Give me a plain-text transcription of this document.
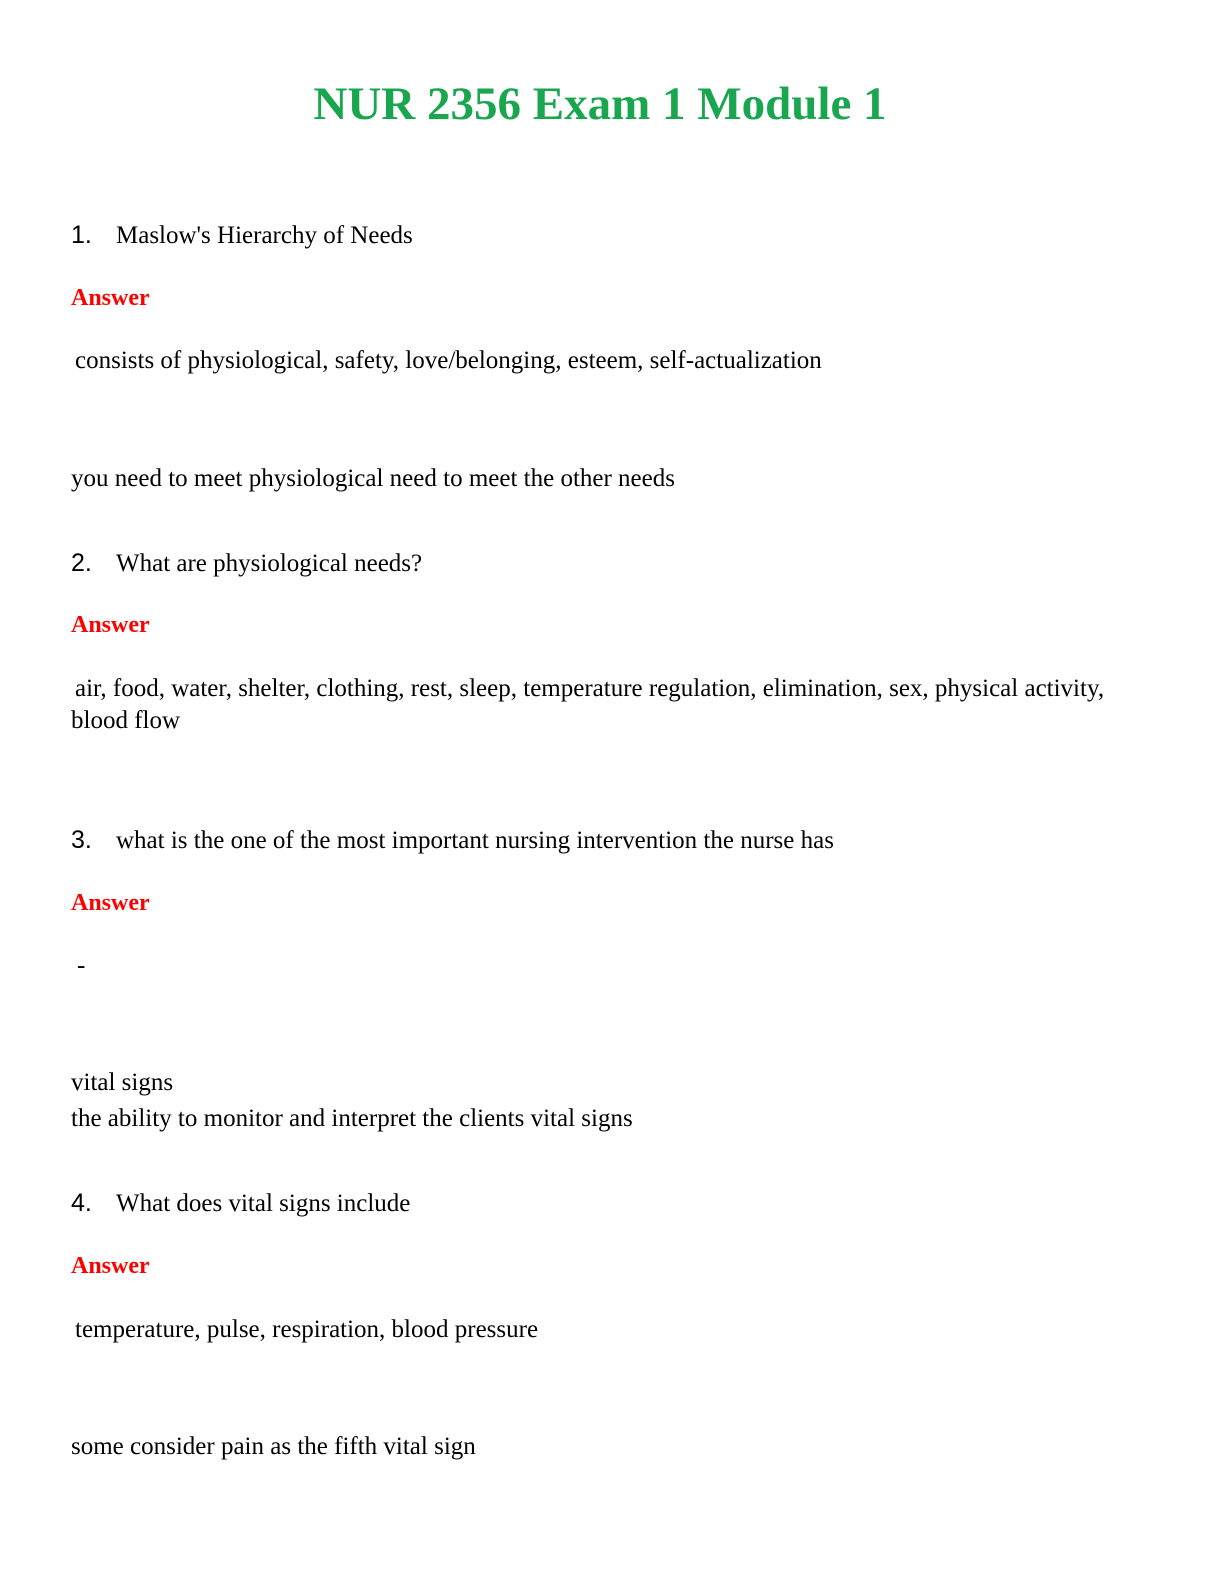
NUR 2356 Exam 1 Module 1
1. Maslow's Hierarchy of Needs
Answer
consists of physiological, safety, love/belonging, esteem, self-actualization
you need to meet physiological need to meet the other needs
2. What are physiological needs?
Answer
air, food, water, shelter, clothing, rest, sleep, temperature regulation, elimination, sex, physical activity, blood flow
3. what is the one of the most important nursing intervention the nurse has
Answer
-
vital signs
the ability to monitor and interpret the clients vital signs
4. What does vital signs include
Answer
temperature, pulse, respiration, blood pressure
some consider pain as the fifth vital sign
